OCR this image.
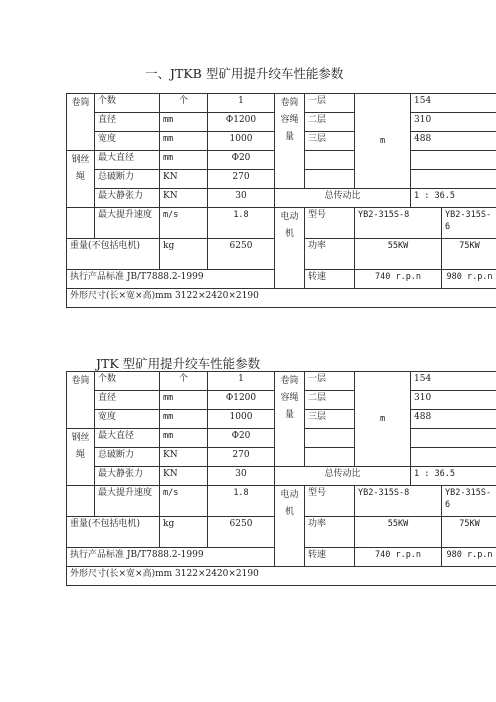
一、JTKB 型矿用提升绞车性能参数
卷筒	个数	个	1	卷筒容绳量	一层	m	154	
	直径	mm	Φ1200		二层		310	
	宽度	mm	1000		三层		488	
钢丝绳	最大直径	mm	Φ20					
	总破断力	KN	270					
	最大静张力	KN	30	总传动比			1 : 36.5	
	最大提升速度	m/s	1.8	电动机	型号	YB2-315S-8		YB2-315S-6
重量(不包括电机)		kg	6250		功率	55KW		75KW
执行产品标准 JB/T7888.2-1999					转速	740 r.p.n		980 r.p.n
外形尺寸(长×宽×高)mm 3122×2420×2190								
JTK 型矿用提升绞车性能参数
卷筒	个数	个	1	卷筒容绳量	一层	m	154	
	直径	mm	Φ1200		二层		310	
	宽度	mm	1000		三层		488	
钢丝绳	最大直径	mm	Φ20					
	总破断力	KN	270					
	最大静张力	KN	30	总传动比			1 : 36.5	
	最大提升速度	m/s	1.8	电动机	型号	YB2-315S-8		YB2-315S-6
重量(不包括电机)		kg	6250		功率	55KW		75KW
执行产品标准 JB/T7888.2-1999					转速	740 r.p.n		980 r.p.n
外形尺寸(长×宽×高)mm 3122×2420×2190								
